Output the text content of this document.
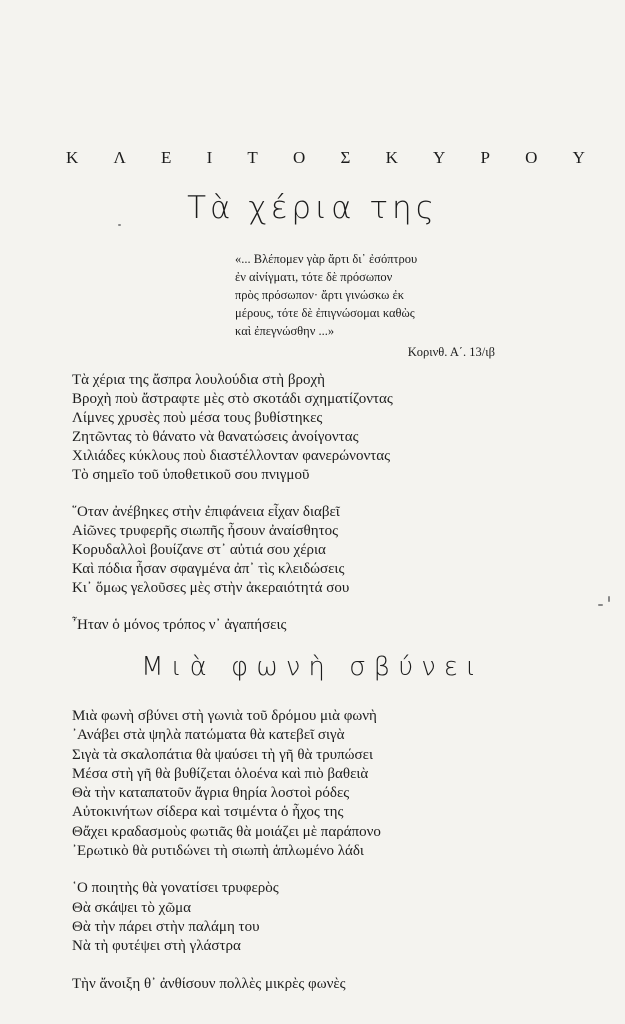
Κ Λ Ε Ι Τ Ο Σ Κ Υ Ρ Ο Υ
Τὰ χέρια της
«... Βλέπομεν γὰρ ἄρτι δι᾿ ἐσόπτρου
ἐν αἰνίγματι, τότε δὲ πρόσωπον
πρὸς πρόσωπον· ἄρτι γινώσκω ἐκ
μέρους, τότε δὲ ἐπιγνώσομαι καθὼς
καὶ ἐπεγνώσθην ...»
Κορινθ. Α΄. 13/ιβ
Τὰ χέρια της ἄσπρα λουλούδια στὴ βροχὴ
Βροχὴ ποὺ ἄστραφτε μὲς στὸ σκοτάδι σχηματίζοντας
Λίμνες χρυσὲς ποὺ μέσα τους βυθίστηκες
Ζητῶντας τὸ θάνατο νὰ θανατώσεις ἀνοίγοντας
Χιλιάδες κύκλους ποὺ διαστέλλονταν φανερώνοντας
Τὸ σημεῖο τοῦ ὑποθετικοῦ σου πνιγμοῦ
῞Οταν ἀνέβηκες στὴν ἐπιφάνεια εἶχαν διαβεῖ
Αἰῶνες τρυφερῆς σιωπῆς ἦσουν ἀναίσθητος
Κορυδαλλοὶ βουίζανε στ᾿ αὐτιά σου χέρια
Καὶ πόδια ἦσαν σφαγμένα ἀπ᾿ τὶς κλειδώσεις
Κι᾿ ὅμως γελοῦσες μὲς στὴν ἀκεραιότητά σου
῏Ηταν ὁ μόνος τρόπος ν᾿ ἀγαπήσεις
Μιὰ φωνὴ σβύνει
Μιὰ φωνὴ σβύνει στὴ γωνιὰ τοῦ δρόμου μιὰ φωνὴ
᾿Ανάβει στὰ ψηλὰ πατώματα θὰ κατεβεῖ σιγὰ
Σιγὰ τὰ σκαλοπάτια θὰ ψαύσει τὴ γῆ θὰ τρυπώσει
Μέσα στὴ γῆ θὰ βυθίζεται ὁλοένα καὶ πιὸ βαθειὰ
Θὰ τὴν καταπατοῦν ἄγρια θηρία λοστοὶ ρόδες
Αὐτοκινήτων σίδερα καὶ τσιμέντα ὁ ἦχος της
Θἄχει κραδασμοὺς φωτιᾶς θὰ μοιάζει μὲ παράπονο
᾿Ερωτικὸ θὰ ρυτιδώνει τὴ σιωπὴ ἁπλωμένο λάδι
῾Ο ποιητὴς θὰ γονατίσει τρυφερὸς
Θὰ σκάψει τὸ χῶμα
Θὰ τὴν πάρει στὴν παλάμη του
Νὰ τὴ φυτέψει στὴ γλάστρα
Τὴν ἄνοιξη θ᾿ ἀνθίσουν πολλὲς μικρὲς φωνὲς
